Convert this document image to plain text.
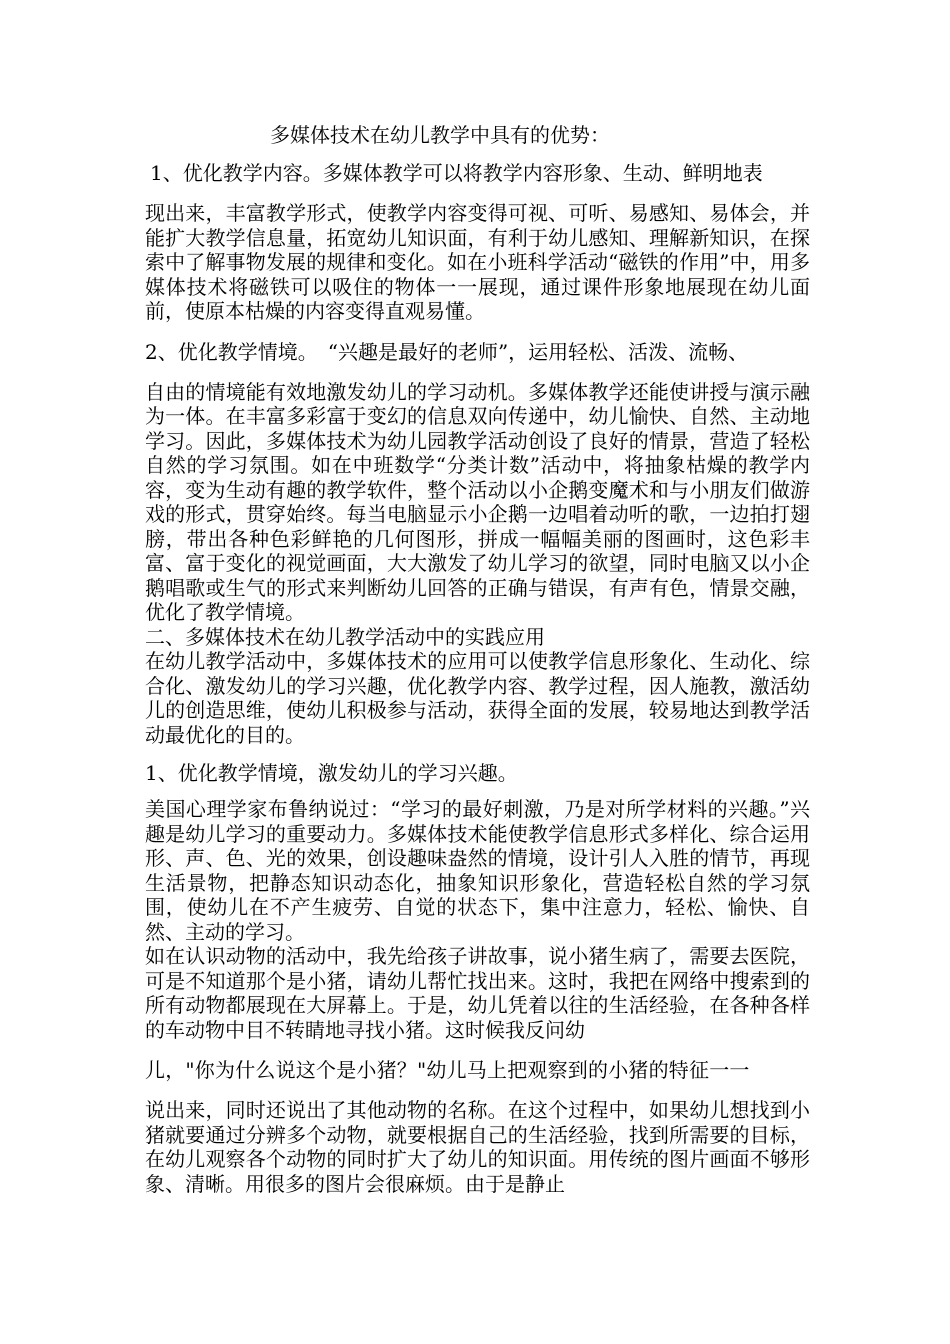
多媒体技术在幼儿教学中具有的优势：

1、优化教学内容。多媒体教学可以将教学内容形象、生动、鲜明地表

现出来，丰富教学形式，使教学内容变得可视、可听、易感知、易体会，并能扩大教学信息量，拓宽幼儿知识面，有利于幼儿感知、理解新知识，在探索中了解事物发展的规律和变化。如在小班科学活动“磁铁的作用”中，用多媒体技术将磁铁可以吸住的物体一一展现，通过课件形象地展现在幼儿面前，使原本枯燥的内容变得直观易懂。

2、优化教学情境。　“兴趣是最好的老师”，运用轻松、活泼、流畅、

自由的情境能有效地激发幼儿的学习动机。多媒体教学还能使讲授与演示融为一体。在丰富多彩富于变幻的信息双向传递中，幼儿愉快、自然、主动地学习。因此，多媒体技术为幼儿园教学活动创设了良好的情景，营造了轻松自然的学习氛围。如在中班数学“分类计数”活动中，将抽象枯燥的教学内容，变为生动有趣的教学软件，整个活动以小企鹅变魔术和与小朋友们做游戏的形式，贯穿始终。每当电脑显示小企鹅一边唱着动听的歌，一边拍打翅膀，带出各种色彩鲜艳的几何图形，拼成一幅幅美丽的图画时，这色彩丰富、富于变化的视觉画面，大大激发了幼儿学习的欲望，同时电脑又以小企鹅唱歌或生气的形式来判断幼儿回答的正确与错误，有声有色，情景交融，优化了教学情境。

二、多媒体技术在幼儿教学活动中的实践应用

在幼儿教学活动中，多媒体技术的应用可以使教学信息形象化、生动化、综合化、激发幼儿的学习兴趣，优化教学内容、教学过程，因人施教，激活幼儿的创造思维，使幼儿积极参与活动，获得全面的发展，较易地达到教学活动最优化的目的。

1、优化教学情境，激发幼儿的学习兴趣。

美国心理学家布鲁纳说过：“学习的最好刺激，乃是对所学材料的兴趣。”兴趣是幼儿学习的重要动力。多媒体技术能使教学信息形式多样化、综合运用形、声、色、光的效果，创设趣味盎然的情境，设计引人入胜的情节，再现生活景物，把静态知识动态化，抽象知识形象化，营造轻松自然的学习氛围，使幼儿在不产生疲劳、自觉的状态下，集中注意力，轻松、愉快、自然、主动的学习。

如在认识动物的活动中，我先给孩子讲故事，说小猪生病了，需要去医院，可是不知道那个是小猪，请幼儿帮忙找出来。这时，我把在网络中搜索到的所有动物都展现在大屏幕上。于是，幼儿凭着以往的生活经验，在各种各样的车动物中目不转睛地寻找小猪。这时候我反问幼

儿，"你为什么说这个是小猪？"幼儿马上把观察到的小猪的特征一一

说出来，同时还说出了其他动物的名称。在这个过程中，如果幼儿想找到小猪就要通过分辨多个动物，就要根据自己的生活经验，找到所需要的目标，在幼儿观察各个动物的同时扩大了幼儿的知识面。用传统的图片画面不够形象、清晰。用很多的图片会很麻烦。由于是静止
